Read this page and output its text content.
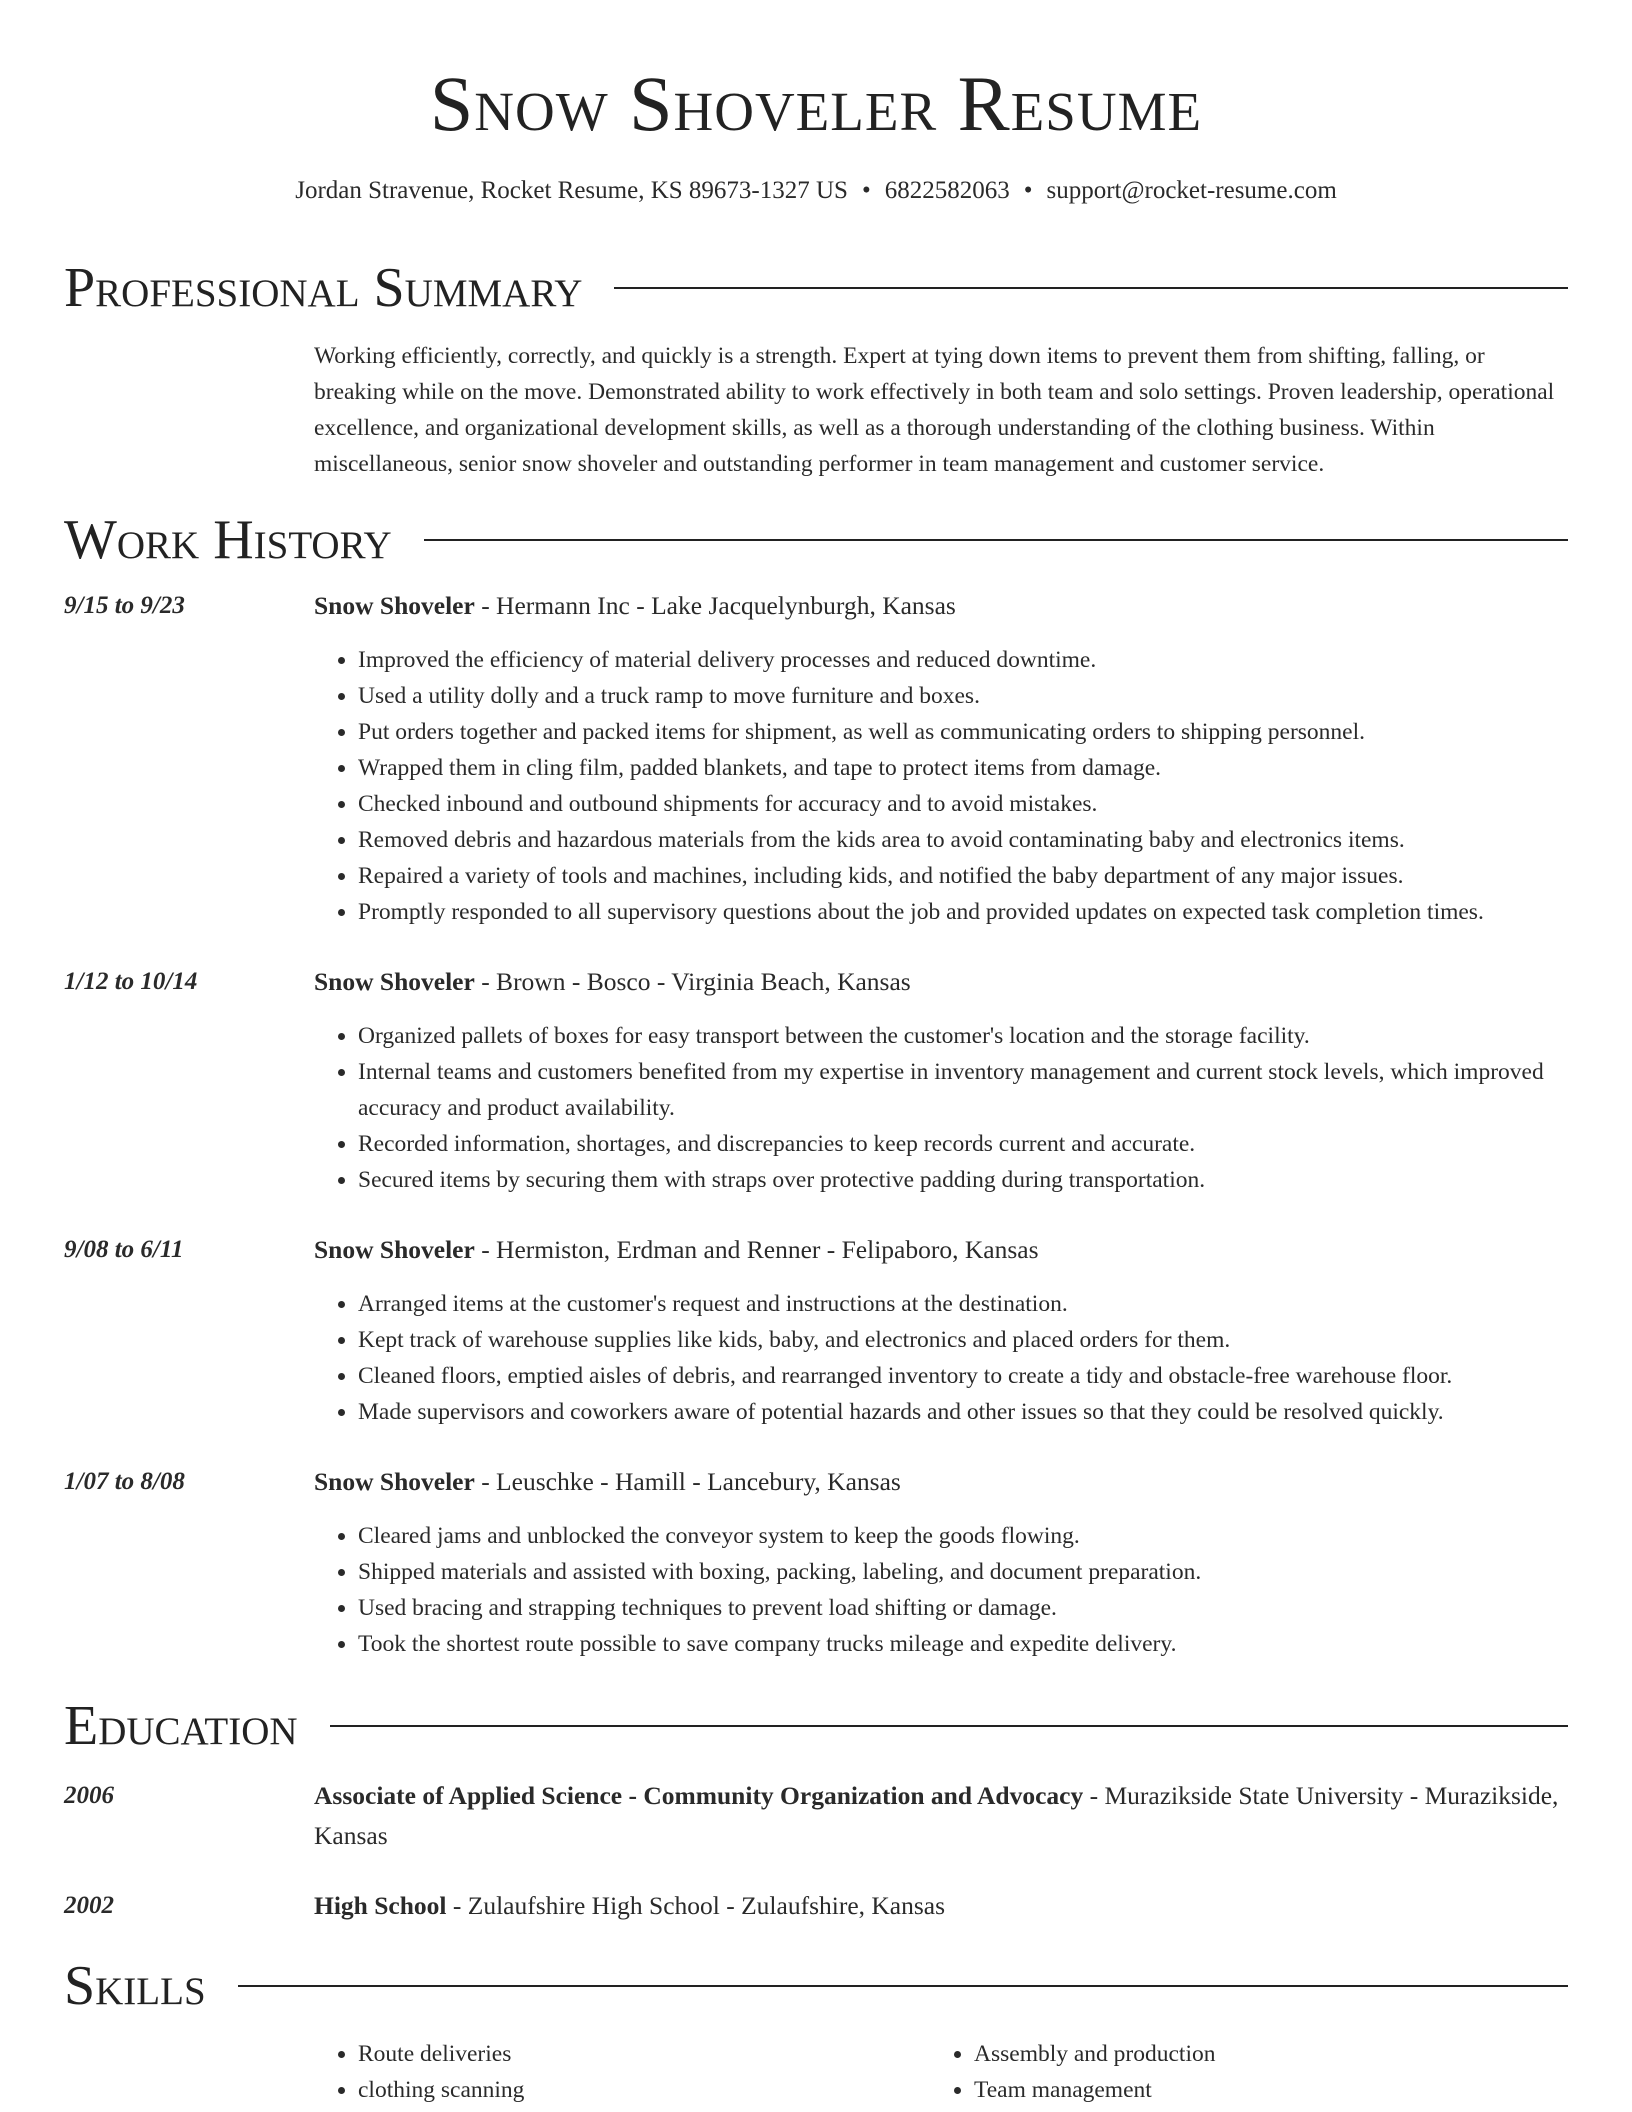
Snow Shoveler Resume
Jordan Stravenue, Rocket Resume, KS 89673-1327 US • 6822582063 • support@rocket-resume.com
Professional Summary

Working efficiently, correctly, and quickly is a strength. Expert at tying down items to prevent them from shifting, falling, or breaking while on the move. Demonstrated ability to work effectively in both team and solo settings. Proven leadership, operational excellence, and organizational development skills, as well as a thorough understanding of the clothing business. Within miscellaneous, senior snow shoveler and outstanding performer in team management and customer service.

Work History
9/15 to 9/23	Snow Shoveler - Hermann Inc - Lake Jacquelynburgh, Kansas
• Improved the efficiency of material delivery processes and reduced downtime.
• Used a utility dolly and a truck ramp to move furniture and boxes.
• Put orders together and packed items for shipment, as well as communicating orders to shipping personnel.
• Wrapped them in cling film, padded blankets, and tape to protect items from damage.
• Checked inbound and outbound shipments for accuracy and to avoid mistakes.
• Removed debris and hazardous materials from the kids area to avoid contaminating baby and electronics items.
• Repaired a variety of tools and machines, including kids, and notified the baby department of any major issues.
• Promptly responded to all supervisory questions about the job and provided updates on expected task completion times.
1/12 to 10/14	Snow Shoveler - Brown - Bosco - Virginia Beach, Kansas
• Organized pallets of boxes for easy transport between the customer's location and the storage facility.
• Internal teams and customers benefited from my expertise in inventory management and current stock levels, which improved accuracy and product availability.
• Recorded information, shortages, and discrepancies to keep records current and accurate.
• Secured items by securing them with straps over protective padding during transportation.
9/08 to 6/11	Snow Shoveler - Hermiston, Erdman and Renner - Felipaboro, Kansas
• Arranged items at the customer's request and instructions at the destination.
• Kept track of warehouse supplies like kids, baby, and electronics and placed orders for them.
• Cleaned floors, emptied aisles of debris, and rearranged inventory to create a tidy and obstacle-free warehouse floor.
• Made supervisors and coworkers aware of potential hazards and other issues so that they could be resolved quickly.
1/07 to 8/08	Snow Shoveler - Leuschke - Hamill - Lancebury, Kansas
• Cleared jams and unblocked the conveyor system to keep the goods flowing.
• Shipped materials and assisted with boxing, packing, labeling, and document preparation.
• Used bracing and strapping techniques to prevent load shifting or damage.
• Took the shortest route possible to save company trucks mileage and expedite delivery.
Education
2006	Associate of Applied Science - Community Organization and Advocacy - Murazikside State University - Murazikside, Kansas
2002	High School - Zulaufshire High School - Zulaufshire, Kansas
Skills
• Route deliveries
• clothing scanning
• Assembly and production
• Team management
